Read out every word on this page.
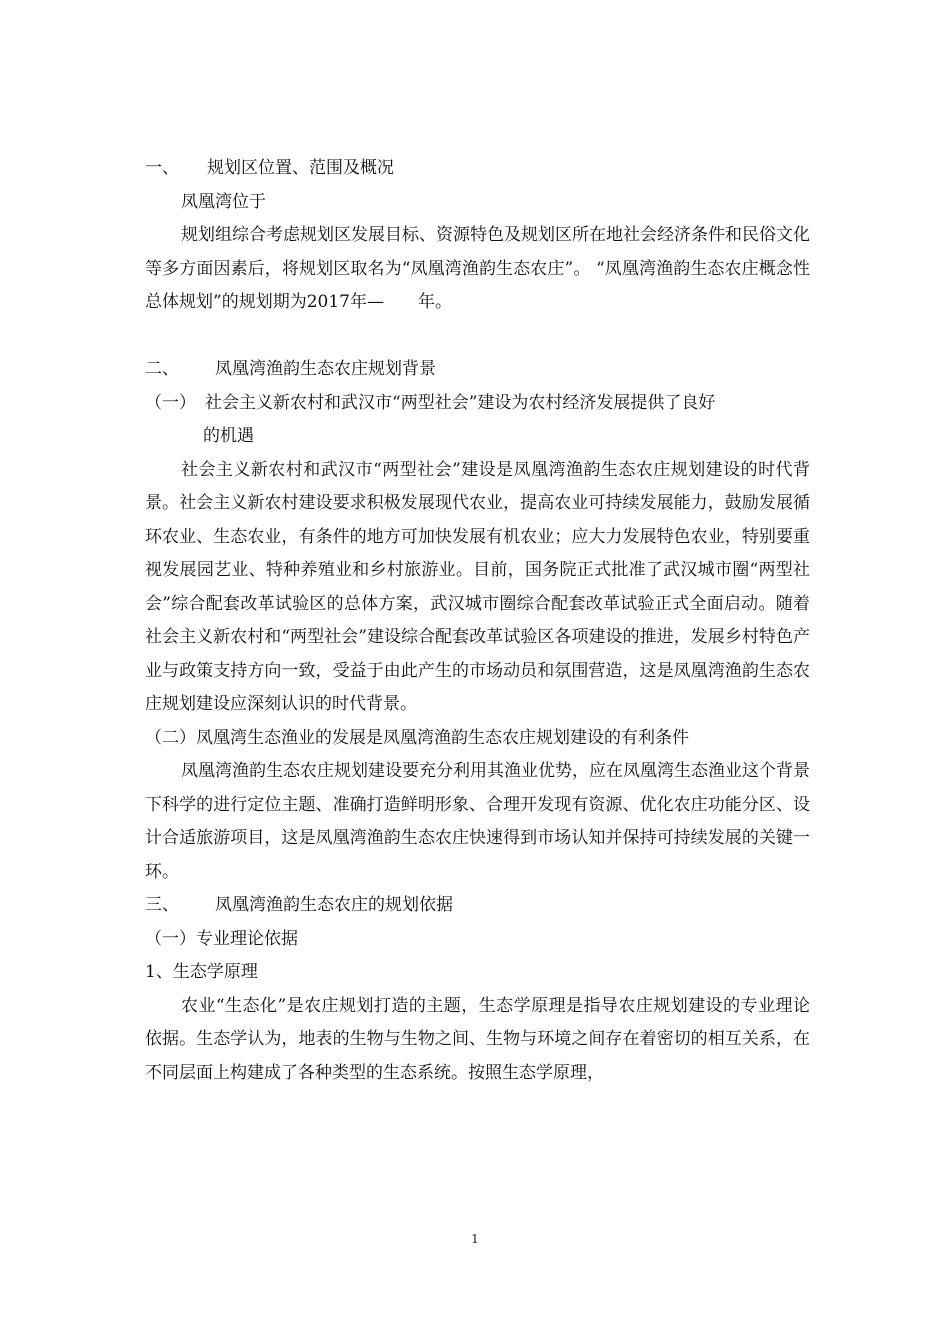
一、 规划区位置、范围及概况

凤凰湾位于

规划组综合考虑规划区发展目标、资源特色及规划区所在地社会经济条件和民俗文化等多方面因素后，将规划区取名为“凤凰湾渔韵生态农庄”。 “凤凰湾渔韵生态农庄概念性总体规划”的规划期为2017年—　　年。

二、 凤凰湾渔韵生态农庄规划背景
（一） 社会主义新农村和武汉市“两型社会”建设为农村经济发展提供了良好
的机遇

社会主义新农村和武汉市“两型社会”建设是凤凰湾渔韵生态农庄规划建设的时代背景。社会主义新农村建设要求积极发展现代农业，提高农业可持续发展能力，鼓励发展循环农业、生态农业，有条件的地方可加快发展有机农业；应大力发展特色农业，特别要重视发展园艺业、特种养殖业和乡村旅游业。目前，国务院正式批准了武汉城市圈“两型社会”综合配套改革试验区的总体方案，武汉城市圈综合配套改革试验正式全面启动。随着社会主义新农村和“两型社会”建设综合配套改革试验区各项建设的推进，发展乡村特色产业与政策支持方向一致，受益于由此产生的市场动员和氛围营造，这是凤凰湾渔韵生态农庄规划建设应深刻认识的时代背景。

（二）凤凰湾生态渔业的发展是凤凰湾渔韵生态农庄规划建设的有利条件

凤凰湾渔韵生态农庄规划建设要充分利用其渔业优势，应在凤凰湾生态渔业这个背景下科学的进行定位主题、准确打造鲜明形象、合理开发现有资源、优化农庄功能分区、设计合适旅游项目，这是凤凰湾渔韵生态农庄快速得到市场认知并保持可持续发展的关键一环。

三、 凤凰湾渔韵生态农庄的规划依据
（一）专业理论依据
1、生态学原理

农业“生态化”是农庄规划打造的主题，生态学原理是指导农庄规划建设的专业理论依据。生态学认为，地表的生物与生物之间、生物与环境之间存在着密切的相互关系，在不同层面上构建成了各种类型的生态系统。按照生态学原理，

1
